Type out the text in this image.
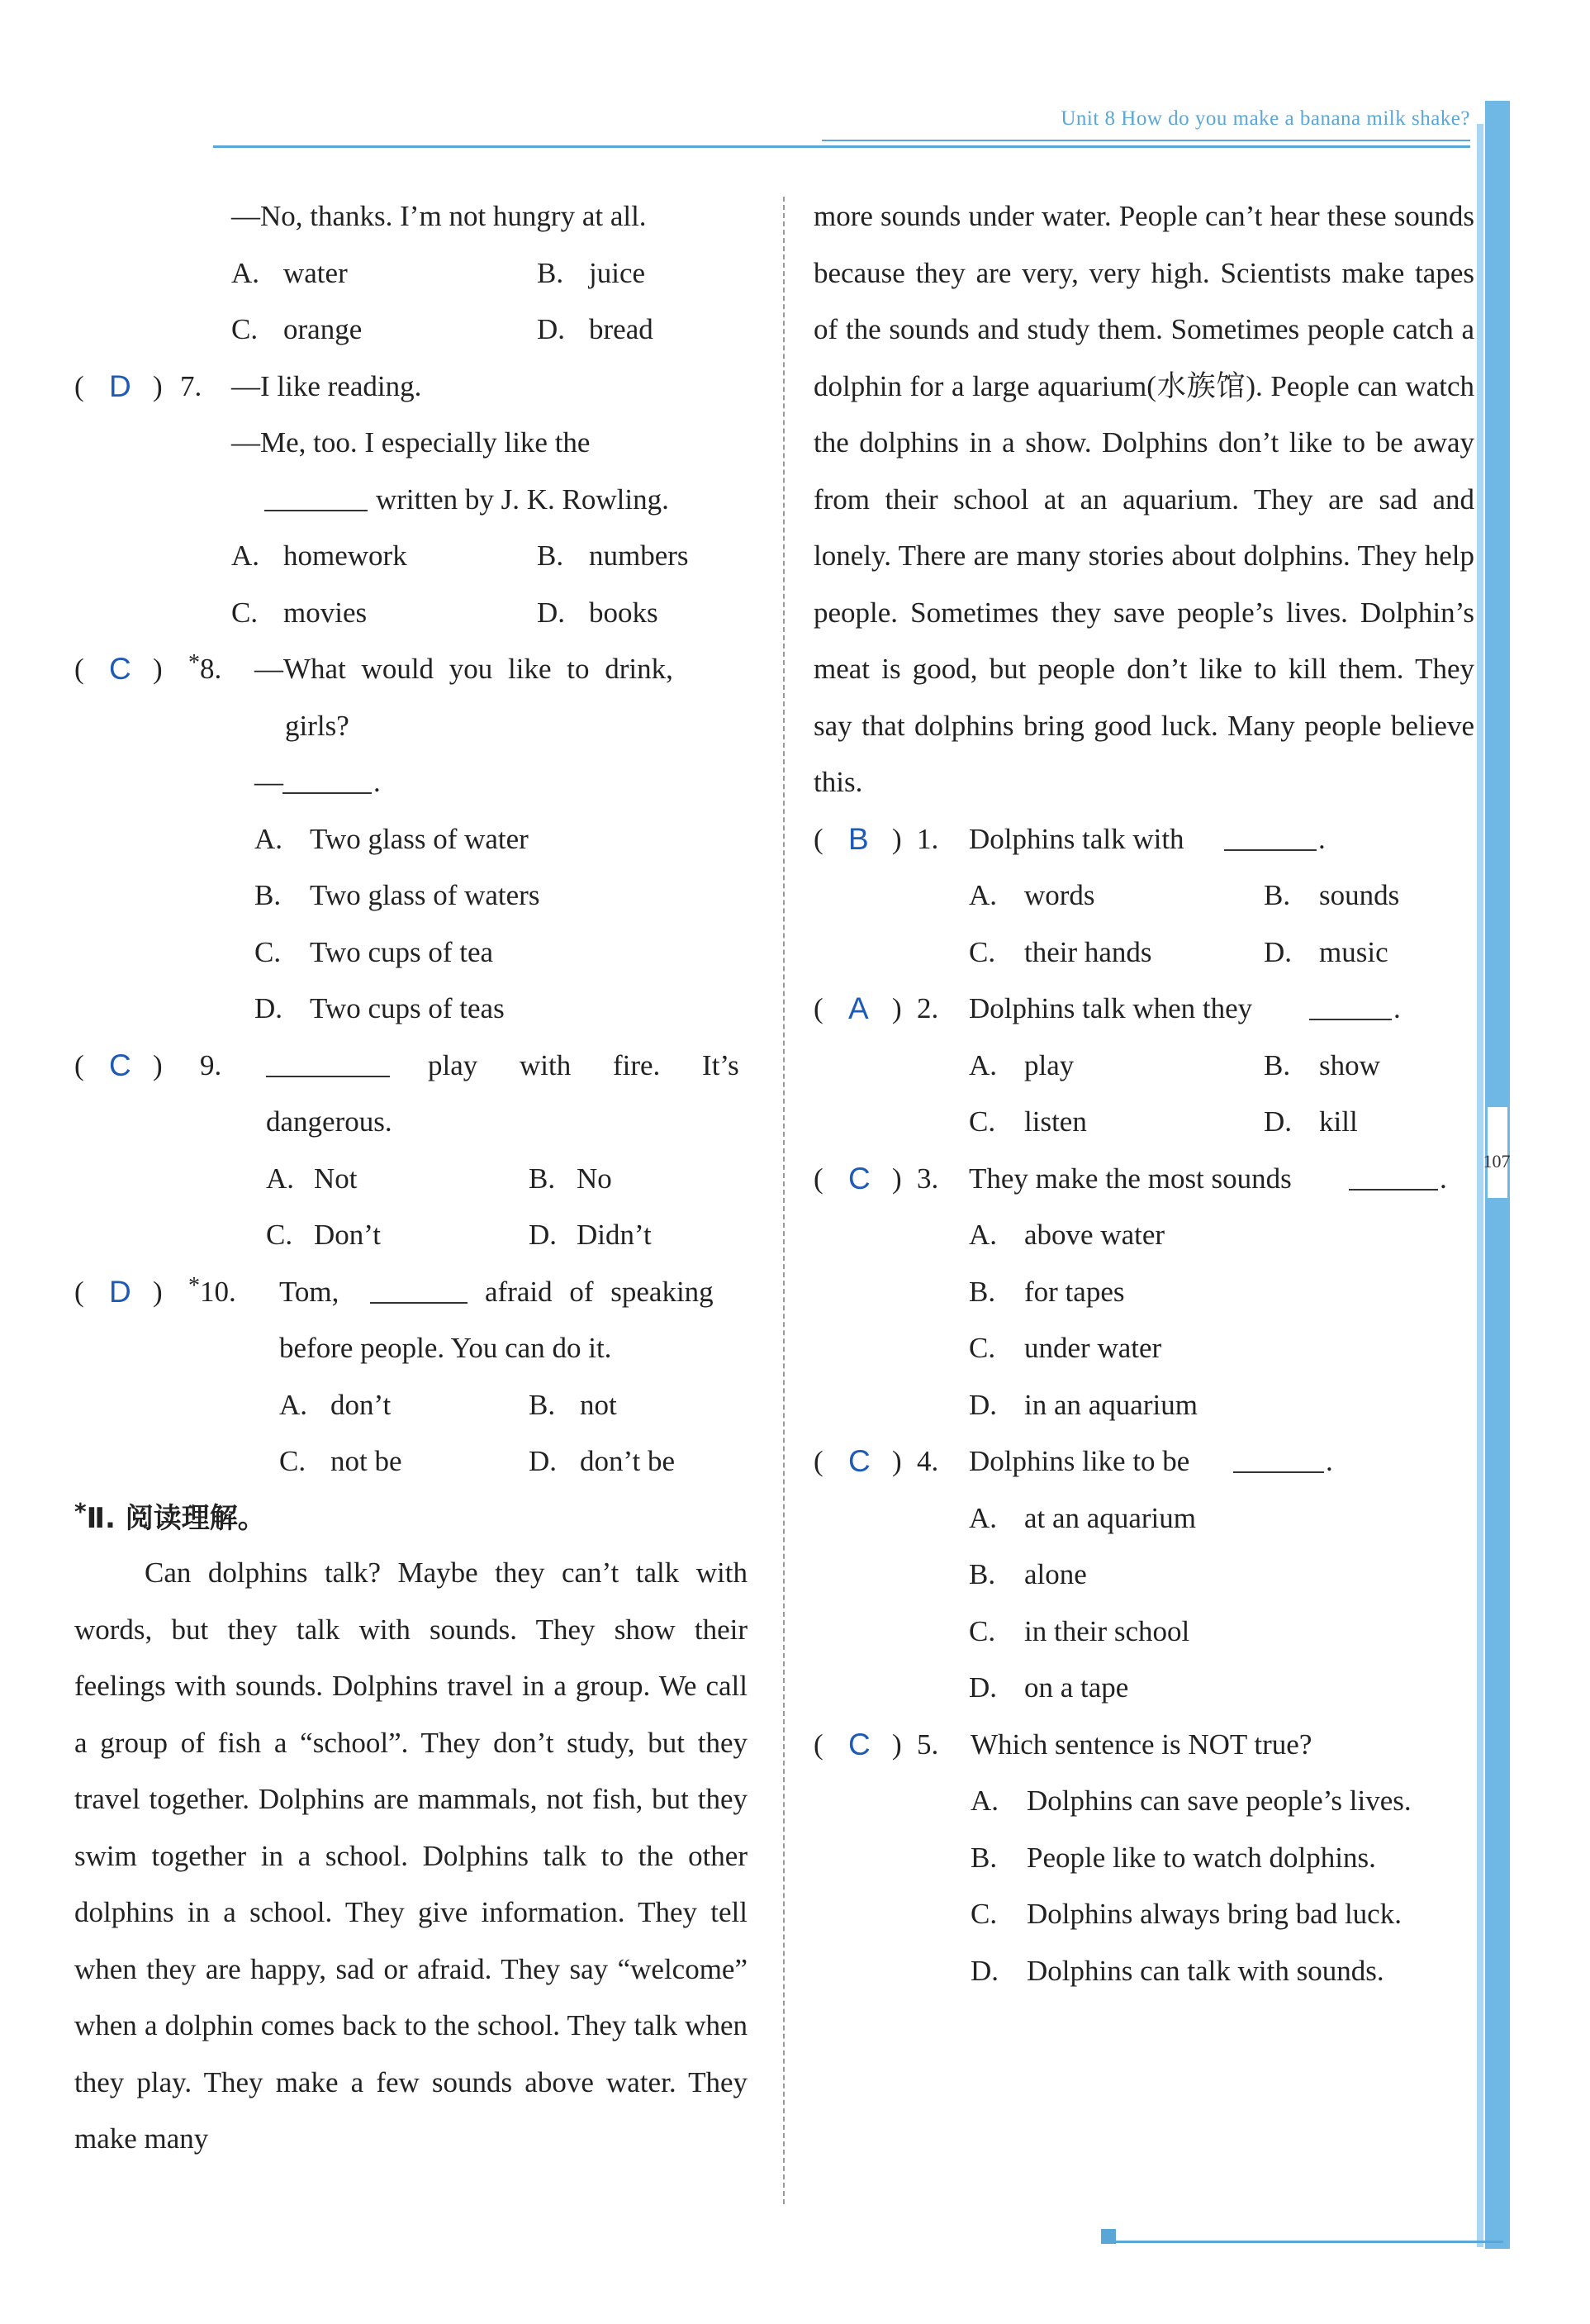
Unit 8 How do you make a banana milk shake?
107
—No, thanks. I’m not hungry at all.
A. water	B. juice
C. orange	D. bread
( D ) 7. —I like reading.
—Me, too. I especially like the
written by J. K. Rowling.
A. homework	B. numbers
C. movies	D. books
( C ) *8. —What would you like to drink,
girls?
—	.
A. Two glass of water
B. Two glass of waters
C. Two cups of tea
D. Two cups of teas
( C ) 9.	play with fire. It’s
dangerous.
A. Not	B. No
C. Don’t	D. Didn’t
( D ) *10. Tom,	afraid of speaking
before people. You can do it.
A. don’t	B. not
C. not be	D. don’t be
*Ⅱ. 阅读理解。
Can dolphins talk? Maybe they can’t talk with words, but they talk with sounds. They show their feelings with sounds. Dolphins travel in a group. We call a group of fish a “school”. They don’t study, but they travel together. Dolphins are mammals, not fish, but they swim together in a school. Dolphins talk to the other dolphins in a school. They give information. They tell when they are happy, sad or afraid. They say “welcome” when a dolphin comes back to the school. They talk when they play. They make a few sounds above water. They make many
more sounds under water. People can’t hear these sounds because they are very, very high. Scientists make tapes of the sounds and study them. Sometimes people catch a dolphin for a large aquarium(水族馆). People can watch the dolphins in a show. Dolphins don’t like to be away from their school at an aquarium. They are sad and lonely. There are many stories about dolphins. They help people. Sometimes they save people’s lives. Dolphin’s meat is good, but people don’t like to kill them. They say that dolphins bring good luck. Many people believe this.
( B ) 1. Dolphins talk with	.
A. words	B. sounds
C. their hands	D. music
( A ) 2. Dolphins talk when they	.
A. play	B. show
C. listen	D. kill
( C ) 3. They make the most sounds	.
A. above water
B. for tapes
C. under water
D. in an aquarium
( C ) 4. Dolphins like to be	.
A. at an aquarium
B. alone
C. in their school
D. on a tape
( C ) 5. Which sentence is NOT true?
A. Dolphins can save people’s lives.
B. People like to watch dolphins.
C. Dolphins always bring bad luck.
D. Dolphins can talk with sounds.
